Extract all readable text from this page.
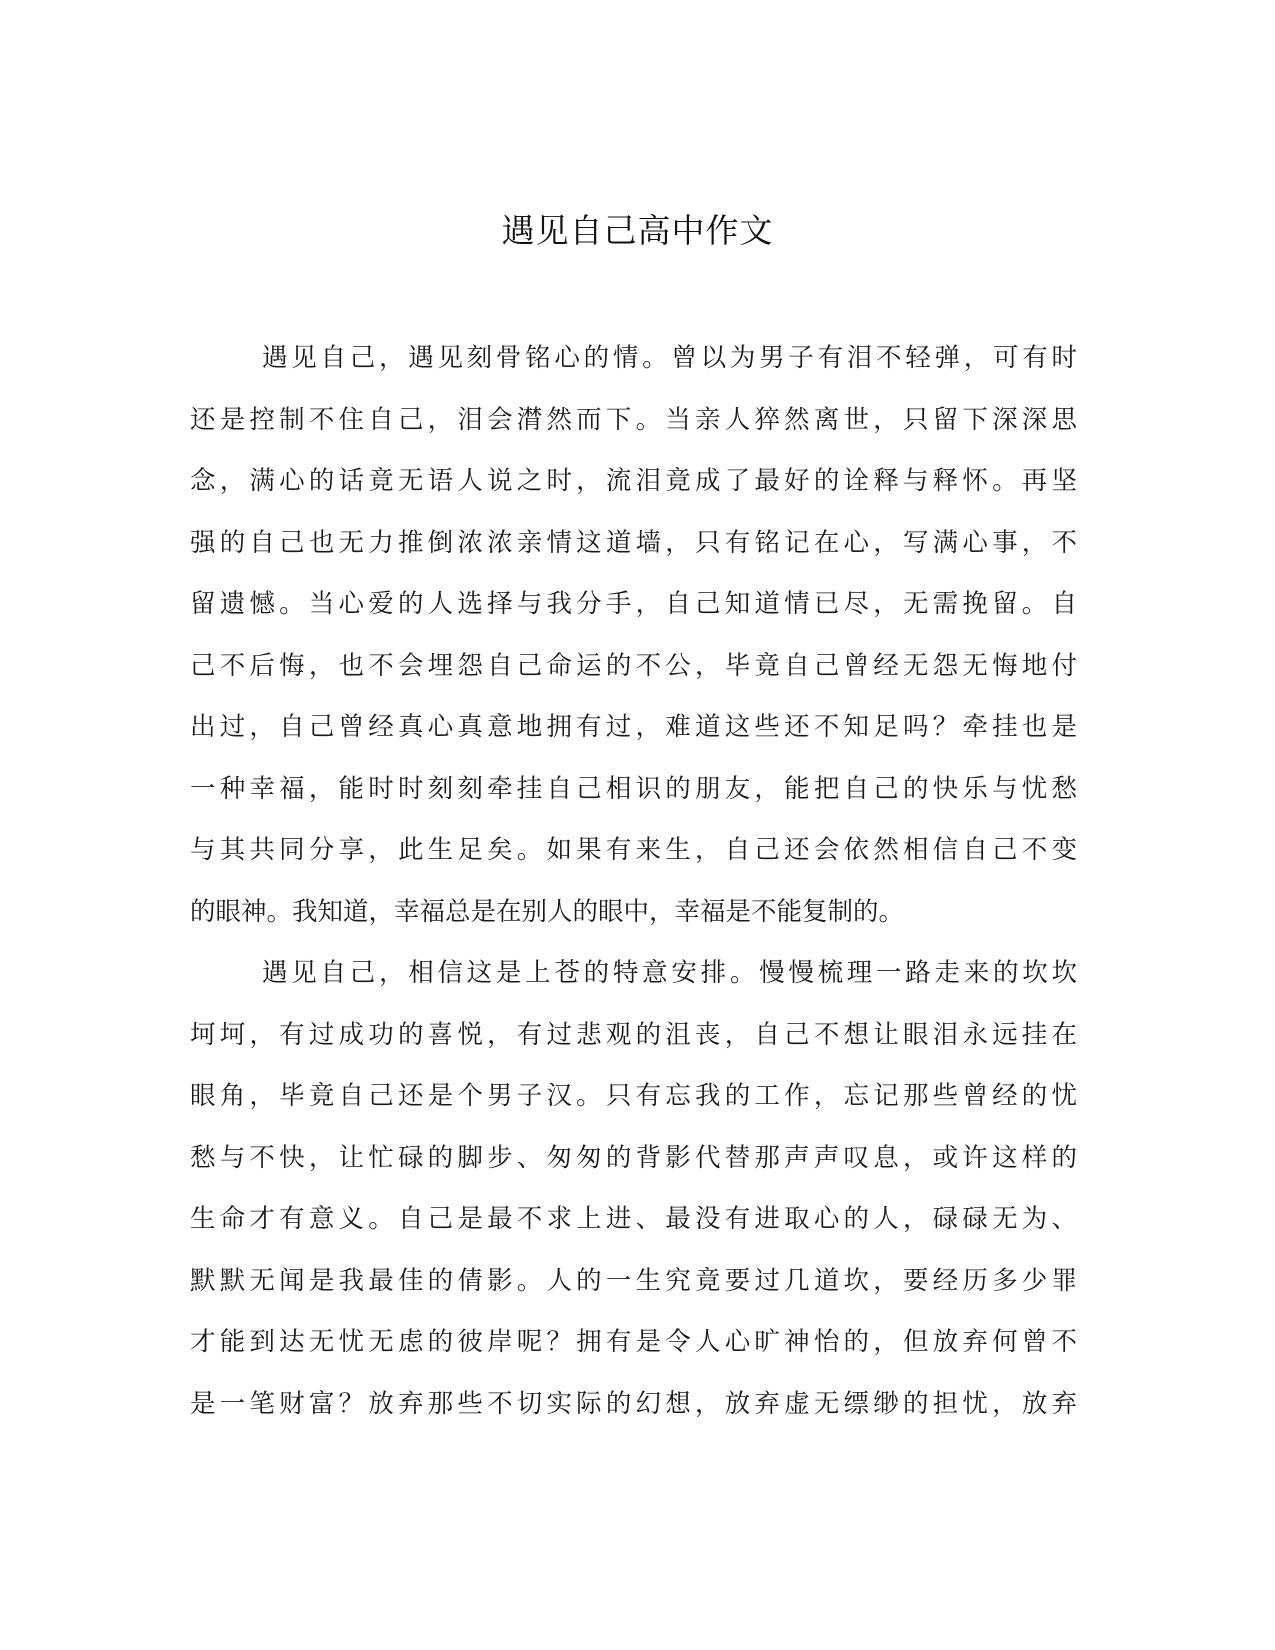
遇见自己高中作文
遇见自己，遇见刻骨铭心的情。曾以为男子有泪不轻弹，可有时
还是控制不住自己，泪会潸然而下。当亲人猝然离世，只留下深深思
念，满心的话竟无语人说之时，流泪竟成了最好的诠释与释怀。再坚
强的自己也无力推倒浓浓亲情这道墙，只有铭记在心，写满心事，不
留遗憾。当心爱的人选择与我分手，自己知道情已尽，无需挽留。自
己不后悔，也不会埋怨自己命运的不公，毕竟自己曾经无怨无悔地付
出过，自己曾经真心真意地拥有过，难道这些还不知足吗？牵挂也是
一种幸福，能时时刻刻牵挂自己相识的朋友，能把自己的快乐与忧愁
与其共同分享，此生足矣。如果有来生，自己还会依然相信自己不变
的眼神。我知道，幸福总是在别人的眼中，幸福是不能复制的。
遇见自己，相信这是上苍的特意安排。慢慢梳理一路走来的坎坎
坷坷，有过成功的喜悦，有过悲观的沮丧，自己不想让眼泪永远挂在
眼角，毕竟自己还是个男子汉。只有忘我的工作，忘记那些曾经的忧
愁与不快，让忙碌的脚步、匆匆的背影代替那声声叹息，或许这样的
生命才有意义。自己是最不求上进、最没有进取心的人，碌碌无为、
默默无闻是我最佳的倩影。人的一生究竟要过几道坎，要经历多少罪
才能到达无忧无虑的彼岸呢？拥有是令人心旷神怡的，但放弃何曾不
是一笔财富？放弃那些不切实际的幻想，放弃虚无缥缈的担忧，放弃
